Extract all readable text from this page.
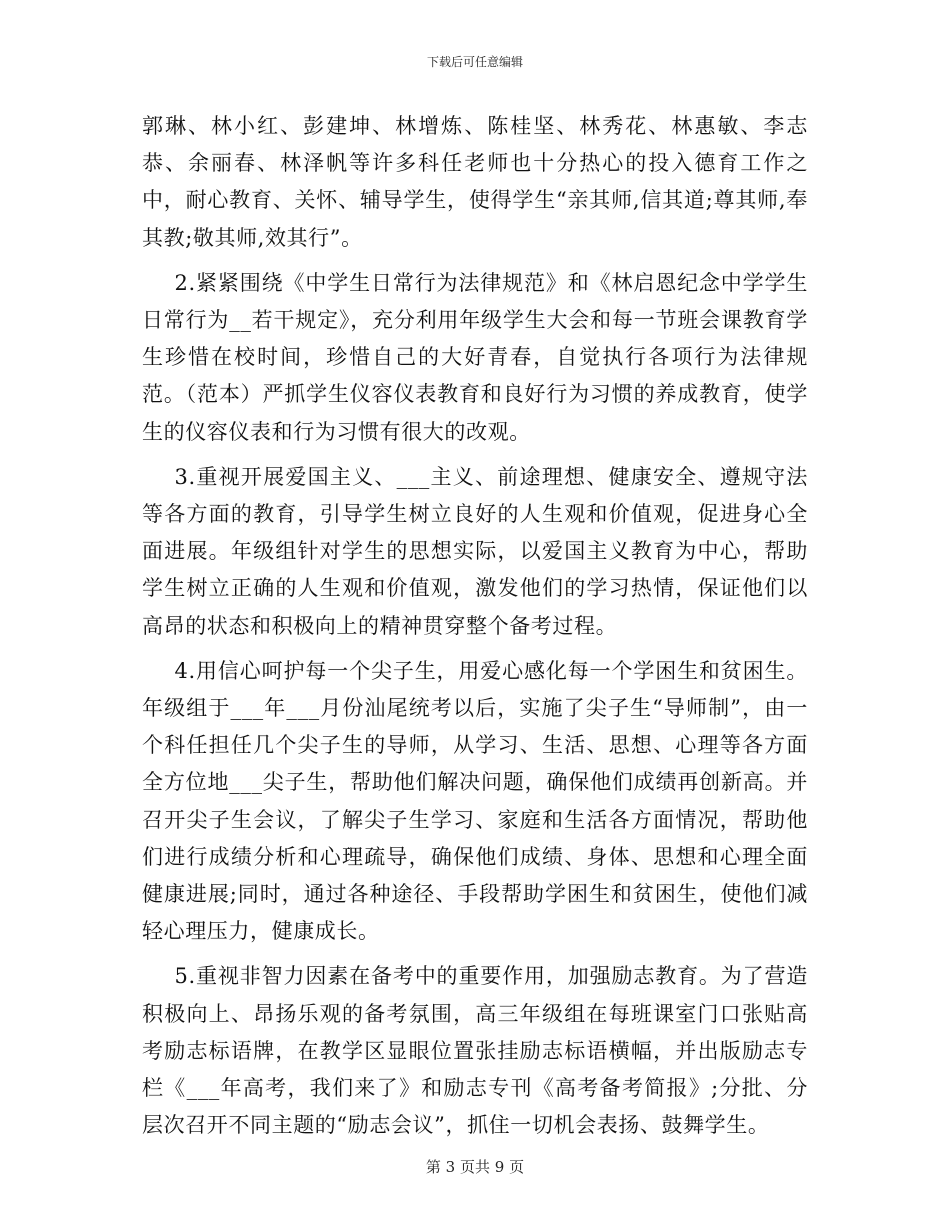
下载后可任意编辑

郭琳、林小红、彭建坤、林增炼、陈桂坚、林秀花、林惠敏、李志恭、余丽春、林泽帆等许多科任老师也十分热心的投入德育工作之中，耐心教育、关怀、辅导学生，使得学生“亲其师,信其道;尊其师,奉其教;敬其师,效其行”。

2.紧紧围绕《中学生日常行为法律规范》和《林启恩纪念中学学生日常行为__若干规定》，充分利用年级学生大会和每一节班会课教育学生珍惜在校时间，珍惜自己的大好青春，自觉执行各项行为法律规范。（范本）严抓学生仪容仪表教育和良好行为习惯的养成教育，使学生的仪容仪表和行为习惯有很大的改观。

3.重视开展爱国主义、___主义、前途理想、健康安全、遵规守法等各方面的教育，引导学生树立良好的人生观和价值观，促进身心全面进展。年级组针对学生的思想实际，以爱国主义教育为中心，帮助学生树立正确的人生观和价值观，激发他们的学习热情，保证他们以高昂的状态和积极向上的精神贯穿整个备考过程。

4.用信心呵护每一个尖子生，用爱心感化每一个学困生和贫困生。年级组于___年___月份汕尾统考以后，实施了尖子生“导师制”，由一个科任担任几个尖子生的导师，从学习、生活、思想、心理等各方面全方位地___尖子生，帮助他们解决问题，确保他们成绩再创新高。并召开尖子生会议，了解尖子生学习、家庭和生活各方面情况，帮助他们进行成绩分析和心理疏导，确保他们成绩、身体、思想和心理全面健康进展;同时，通过各种途径、手段帮助学困生和贫困生，使他们减轻心理压力，健康成长。

5.重视非智力因素在备考中的重要作用，加强励志教育。为了营造积极向上、昂扬乐观的备考氛围，高三年级组在每班课室门口张贴高考励志标语牌，在教学区显眼位置张挂励志标语横幅，并出版励志专栏《___年高考，我们来了》和励志专刊《高考备考简报》;分批、分层次召开不同主题的“励志会议”，抓住一切机会表扬、鼓舞学生。

第 3 页共 9 页
